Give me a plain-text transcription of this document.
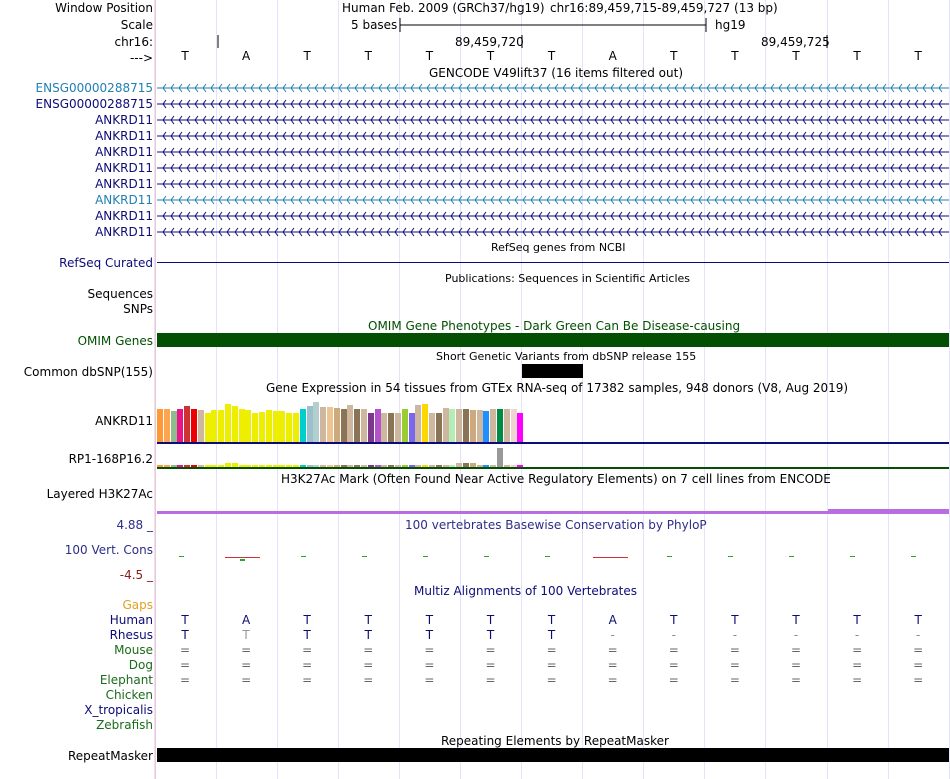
Window Position	Human Feb. 2009 (GRCh37/hg19) chr16:89,459,715-89,459,727 (13 bp)
Scale	5 bases	hg19
chr16:	89,459,720	89,459,725
--->	T	A	T	T	T	T	T	A	T	T	T	T	T
GENCODE V49lift37 (16 items filtered out)
ENSG00000288715
ENSG00000288715
ANKRD11
ANKRD11
ANKRD11
ANKRD11
ANKRD11
ANKRD11
ANKRD11
ANKRD11
RefSeq genes from NCBI
RefSeq Curated
Publications: Sequences in Scientific Articles
Sequences
SNPs
OMIM Gene Phenotypes - Dark Green Can Be Disease-causing
OMIM Genes
Short Genetic Variants from dbSNP release 155
Common dbSNP(155)
Gene Expression in 54 tissues from GTEx RNA-seq of 17382 samples, 948 donors (V8, Aug 2019)
ANKRD11
RP1-168P16.2
H3K27Ac Mark (Often Found Near Active Regulatory Elements) on 7 cell lines from ENCODE
Layered H3K27Ac
100 vertebrates Basewise Conservation by PhyloP
4.88 _
100 Vert. Cons
-4.5 _
Multiz Alignments of 100 Vertebrates
Gaps
Human	T	A	T	T	T	T	T	A	T	T	T	T	T
Rhesus	T	T	T	T	T	T	T	-	-	-	-	-	-
Mouse	=	=	=	=	=	=	=	=	=	=	=	=	=
Dog	=	=	=	=	=	=	=	=	=	=	=	=	=
Elephant	=	=	=	=	=	=	=	=	=	=	=	=	=
Chicken
X_tropicalis
Zebrafish
Repeating Elements by RepeatMasker
RepeatMasker
